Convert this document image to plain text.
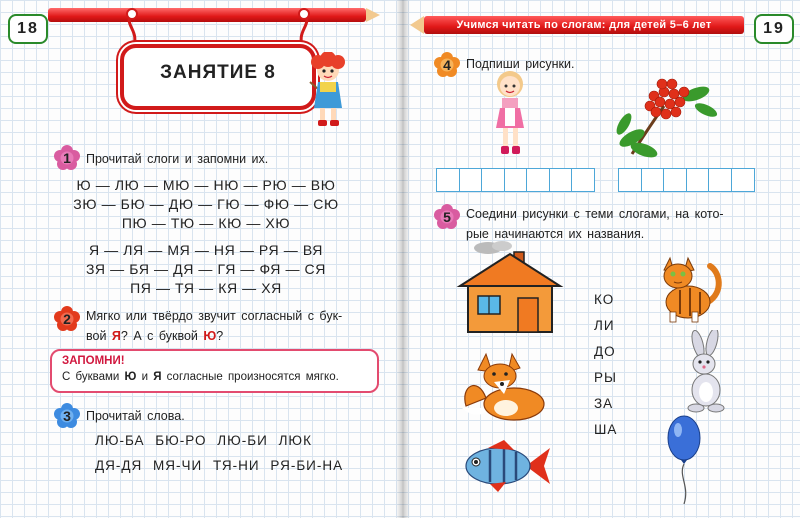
18
ЗАНЯТИЕ 8
1	Прочитай слоги и запомни их.
Ю — ЛЮ — МЮ — НЮ — РЮ — ВЮ
ЗЮ — БЮ — ДЮ — ГЮ — ФЮ — СЮ
ПЮ — ТЮ — КЮ — ХЮ
Я — ЛЯ — МЯ — НЯ — РЯ — ВЯ
ЗЯ — БЯ — ДЯ — ГЯ — ФЯ — СЯ
ПЯ — ТЯ — КЯ — ХЯ
2	Мягко или твёрдо звучит согласный с бук-
вой Я? А с буквой Ю?
ЗАПОМНИ!
С буквами Ю и Я согласные произносятся мягко.
3	Прочитай слова.
ЛЮ-БА БЮ-РО ЛЮ-БИ ЛЮК
ДЯ-ДЯ МЯ-ЧИ ТЯ-НИ РЯ-БИ-НА
Учимся читать по слогам: для детей 5–6 лет	19
4	Подпиши рисунки.
5	Соедини рисунки с теми слогами, на кото-
рые начинаются их названия.
КО
ЛИ
ДО
РЫ
ЗА
ША
